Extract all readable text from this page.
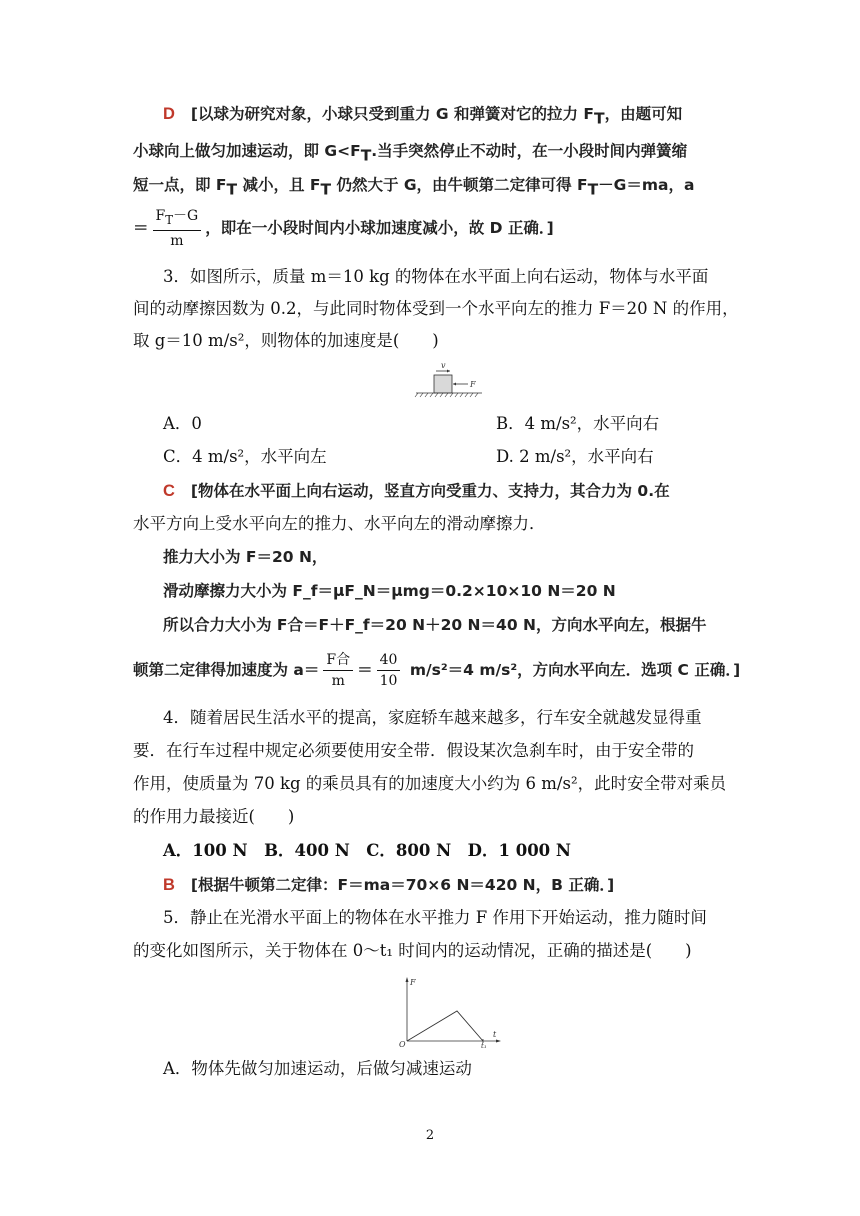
D [以球为研究对象，小球只受到重力 G 和弹簧对它的拉力 $F_T$，由题可知
小球向上做匀加速运动，即 $G<F_T$.当手突然停止不动时，在一小段时间内弹簧缩
短一点，即 $F_T$ 减小，且 $F_T$ 仍然大于 G，由牛顿第二定律可得 $F_T-G=ma$，a
＝ $\frac{F_T-G}{m}$ ，即在一小段时间内小球加速度减小，故 D 正确．]
3．如图所示，质量 m＝10 kg 的物体在水平面上向右运动，物体与水平面
间的动摩擦因数为 0.2，与此同时物体受到一个水平向左的推力 F＝20 N 的作用，
取 g＝10 m/s²，则物体的加速度是(　　)
v
F
A．0	B．4 m/s²，水平向右
C．4 m/s²，水平向左	D. 2 m/s²，水平向右
C [物体在水平面上向右运动，竖直方向受重力、支持力，其合力为 0.在
水平方向上受水平向左的推力、水平向左的滑动摩擦力．
推力大小为 F＝20 N，
滑动摩擦力大小为 F_f＝μF_N＝μmg＝0.2×10×10 N＝20 N
所以合力大小为 F合＝F＋F_f＝20 N＋20 N＝40 N，方向水平向左，根据牛
顿第二定律得加速度为 $a= \frac{\text{F合}}{m} = \frac{40}{10} m/s^2=4$ m/s²，方向水平向左．选项 C 正确．]
4．随着居民生活水平的提高，家庭轿车越来越多，行车安全就越发显得重
要．在行车过程中规定必须要使用安全带．假设某次急刹车时，由于安全带的
作用，使质量为 70 kg 的乘员具有的加速度大小约为 6 m/s²，此时安全带对乘员
的作用力最接近(　　)
A．100 N　B．400 N　C．800 N　D．1 000 N
B [根据牛顿第二定律：F＝ma＝70×6 N＝420 N，B 正确．]
5．静止在光滑水平面上的物体在水平推力 F 作用下开始运动，推力随时间
的变化如图所示，关于物体在 0～t₁ 时间内的运动情况，正确的描述是(　　)
F
t
O	t₁
A．物体先做匀加速运动，后做匀减速运动
2
